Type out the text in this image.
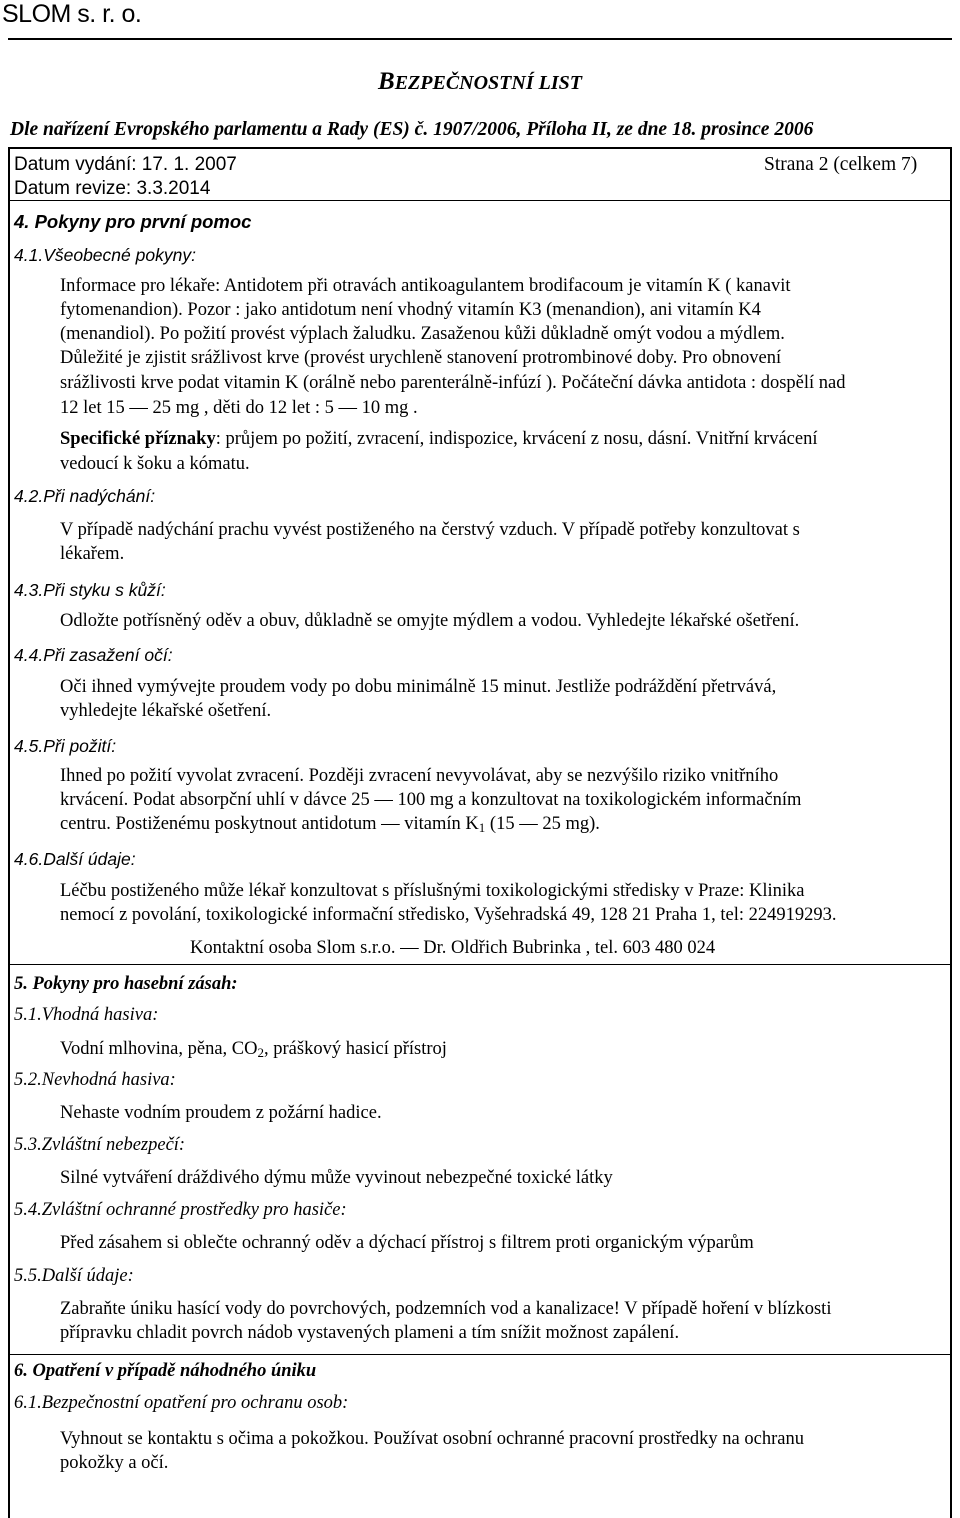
SLOM s. r. o.
BEZPEČNOSTNÍ LIST
Dle nařízení Evropského parlamentu a Rady (ES) č. 1907/2006, Příloha II, ze dne 18. prosince 2006
Datum vydání: 17. 1. 2007	Strana 2 (celkem 7)
Datum revize: 3.3.2014
4. Pokyny pro první pomoc
4.1.Všeobecné pokyny:
Informace pro lékaře: Antidotem při otravách antikoagulantem brodifacoum je vitamín K ( kanavit
fytomenandion). Pozor : jako antidotum není vhodný vitamín K3 (menandion), ani vitamín K4
(menandiol). Po požití provést výplach žaludku. Zasaženou kůži důkladně omýt vodou a mýdlem.
Důležité je zjistit srážlivost krve (provést urychleně stanovení protrombinové doby. Pro obnovení
srážlivosti krve podat vitamin K (orálně nebo parenterálně-infúzí ). Počáteční dávka antidota : dospělí nad
12 let 15 — 25 mg , děti do 12 let : 5 — 10 mg .
Specifické příznaky: průjem po požití, zvracení, indispozice, krvácení z nosu, dásní. Vnitřní krvácení
vedoucí k šoku a kómatu.
4.2.Při nadýchání:
V případě nadýchání prachu vyvést postiženého na čerstvý vzduch. V případě potřeby konzultovat s
lékařem.
4.3.Při styku s kůží:
Odložte potřísněný oděv a obuv, důkladně se omyjte mýdlem a vodou. Vyhledejte lékařské ošetření.
4.4.Při zasažení očí:
Oči ihned vymývejte proudem vody po dobu minimálně 15 minut. Jestliže podráždění přetrvává,
vyhledejte lékařské ošetření.
4.5.Při požití:
Ihned po požití vyvolat zvracení. Později zvracení nevyvolávat, aby se nezvýšilo riziko vnitřního
krvácení. Podat absorpční uhlí v dávce 25 — 100 mg a konzultovat na toxikologickém informačním
centru. Postiženému poskytnout antidotum — vitamín $K_1$ (15 — 25 mg).
4.6.Další údaje:
Léčbu postiženého může lékař konzultovat s příslušnými toxikologickými středisky v Praze: Klinika
nemocí z povolání, toxikologické informační středisko, Vyšehradská 49, 128 21 Praha 1, tel: 224919293.
Kontaktní osoba Slom s.r.o. — Dr. Oldřich Bubrinka , tel. 603 480 024
5. Pokyny pro hasební zásah:
5.1.Vhodná hasiva:
Vodní mlhovina, pěna, $CO_2$, práškový hasicí přístroj
5.2.Nevhodná hasiva:
Nehaste vodním proudem z požární hadice.
5.3.Zvláštní nebezpečí:
Silné vytváření dráždivého dýmu může vyvinout nebezpečné toxické látky
5.4.Zvláštní ochranné prostředky pro hasiče:
Před zásahem si oblečte ochranný oděv a dýchací přístroj s filtrem proti organickým výparům
5.5.Další údaje:
Zabraňte úniku hasící vody do povrchových, podzemních vod a kanalizace! V případě hoření v blízkosti
přípravku chladit povrch nádob vystavených plameni a tím snížit možnost zapálení.
6. Opatření v případě náhodného úniku
6.1.Bezpečnostní opatření pro ochranu osob:
Vyhnout se kontaktu s očima a pokožkou. Používat osobní ochranné pracovní prostředky na ochranu
pokožky a očí.
